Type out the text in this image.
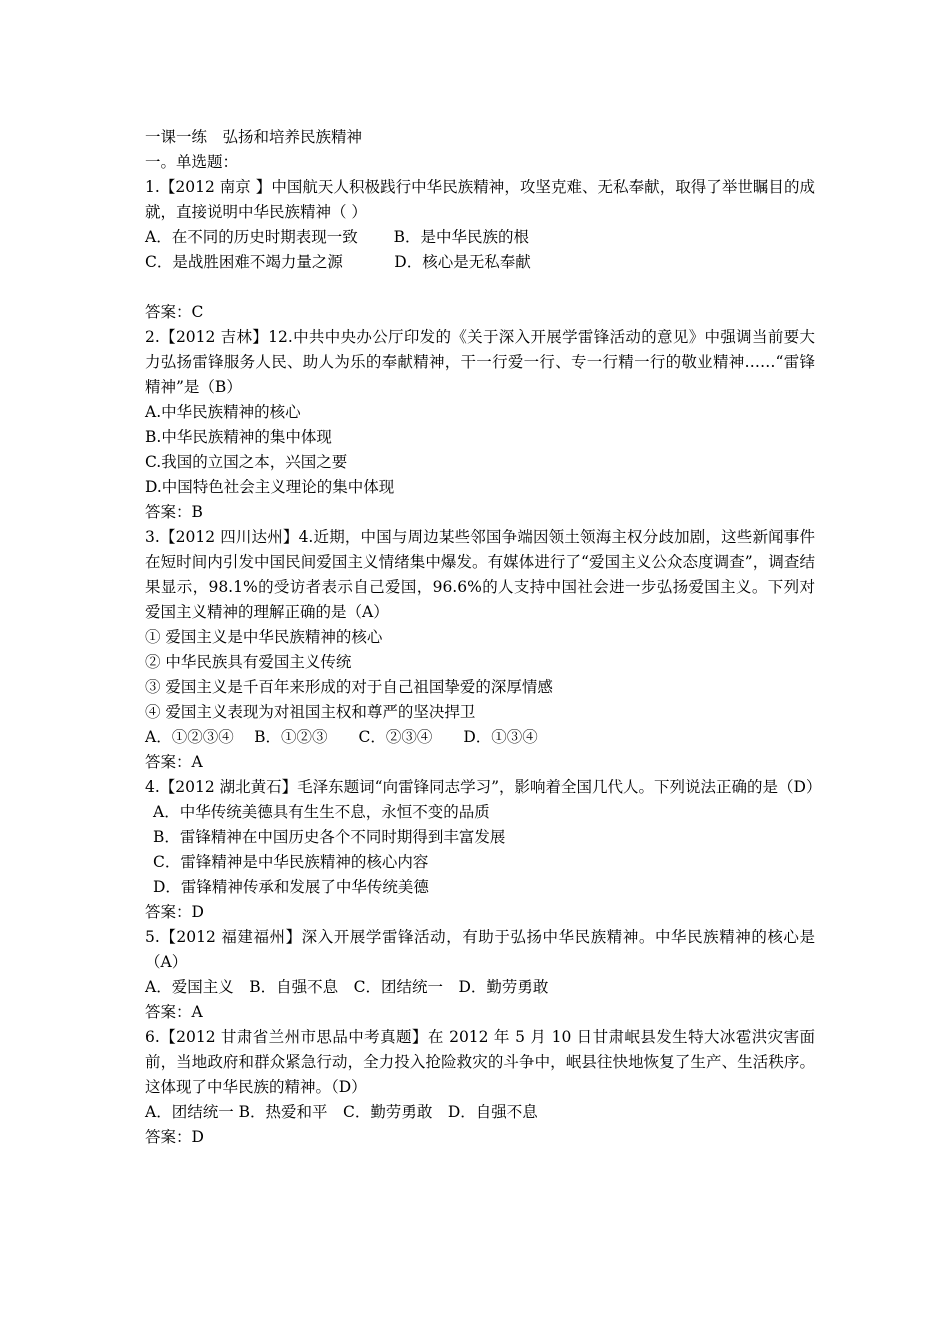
一课一练　弘扬和培养民族精神

一。单选题：

1.【2012 南京 】中国航天人积极践行中华民族精神，攻坚克难、无私奉献，取得了举世瞩目的成就，直接说明中华民族精神（ ）

A．在不同的历史时期表现一致　　 B．是中华民族的根

C．是战胜困难不竭力量之源　　　 D．核心是无私奉献

答案：C

2.【2012 吉林】12.中共中央办公厅印发的《关于深入开展学雷锋活动的意见》中强调当前要大力弘扬雷锋服务人民、助人为乐的奉献精神，干一行爱一行、专一行精一行的敬业精神……“雷锋精神”是（B）

A.中华民族精神的核心

B.中华民族精神的集中体现

C.我国的立国之本，兴国之要

D.中国特色社会主义理论的集中体现

答案：B

3.【2012 四川达州】4.近期，中国与周边某些邻国争端因领土领海主权分歧加剧，这些新闻事件在短时间内引发中国民间爱国主义情绪集中爆发。有媒体进行了“爱国主义公众态度调查”，调查结果显示，98.1%的受访者表示自己爱国，96.6%的人支持中国社会进一步弘扬爱国主义。下列对爱国主义精神的理解正确的是（A）

① 爱国主义是中华民族精神的核心

② 中华民族具有爱国主义传统

③ 爱国主义是千百年来形成的对于自己祖国挚爱的深厚情感

④ 爱国主义表现为对祖国主权和尊严的坚决捍卫

A．①②③④　 B．①②③　　C．②③④　　D．①③④

答案：A

4.【2012 湖北黄石】毛泽东题词“向雷锋同志学习”，影响着全国几代人。下列说法正确的是（D）

A．中华传统美德具有生生不息，永恒不变的品质

B．雷锋精神在中国历史各个不同时期得到丰富发展

C．雷锋精神是中华民族精神的核心内容

D．雷锋精神传承和发展了中华传统美德

答案：D

5.【2012 福建福州】深入开展学雷锋活动，有助于弘扬中华民族精神。中华民族精神的核心是（A）

A．爱国主义　B．自强不息　C．团结统一　D．勤劳勇敢

答案：A

6.【2012 甘肃省兰州市思品中考真题】在 2012 年 5 月 10 日甘肃岷县发生特大冰雹洪灾害面前，当地政府和群众紧急行动，全力投入抢险救灾的斗争中，岷县往快地恢复了生产、生活秩序。这体现了中华民族的精神。（D）

A．团结统一 B．热爱和平　C．勤劳勇敢　D．自强不息

答案：D
